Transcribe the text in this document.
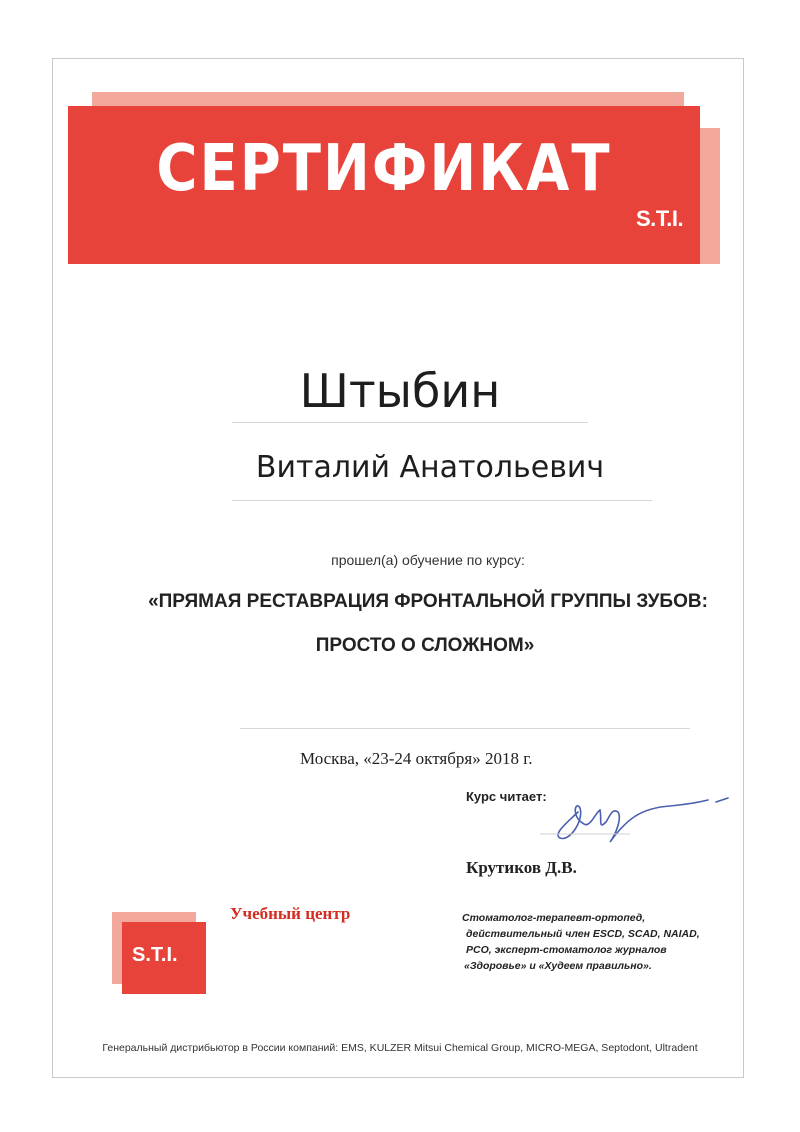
СЕРТИФИКАТ
S.T.I.
Штыбин
Виталий Анатольевич
прошел(а) обучение по курсу:
«ПРЯМАЯ РЕСТАВРАЦИЯ ФРОНТАЛЬНОЙ ГРУППЫ ЗУБОВ:
ПРОСТО О СЛОЖНОМ»
Москва, «23-24 октября» 2018 г.
Курс читает:
Крутиков Д.В.
Учебный центр
S.T.I.
Стоматолог-терапевт-ортопед,
действительный член ESCD, SCAD, NAIAD,
PCO, эксперт-стоматолог журналов
«Здоровье» и «Худеем правильно».
Генеральный дистрибьютор в России компаний: EMS, KULZER Mitsui Chemical Group, MICRO-MEGA, Septodont, Ultradent
